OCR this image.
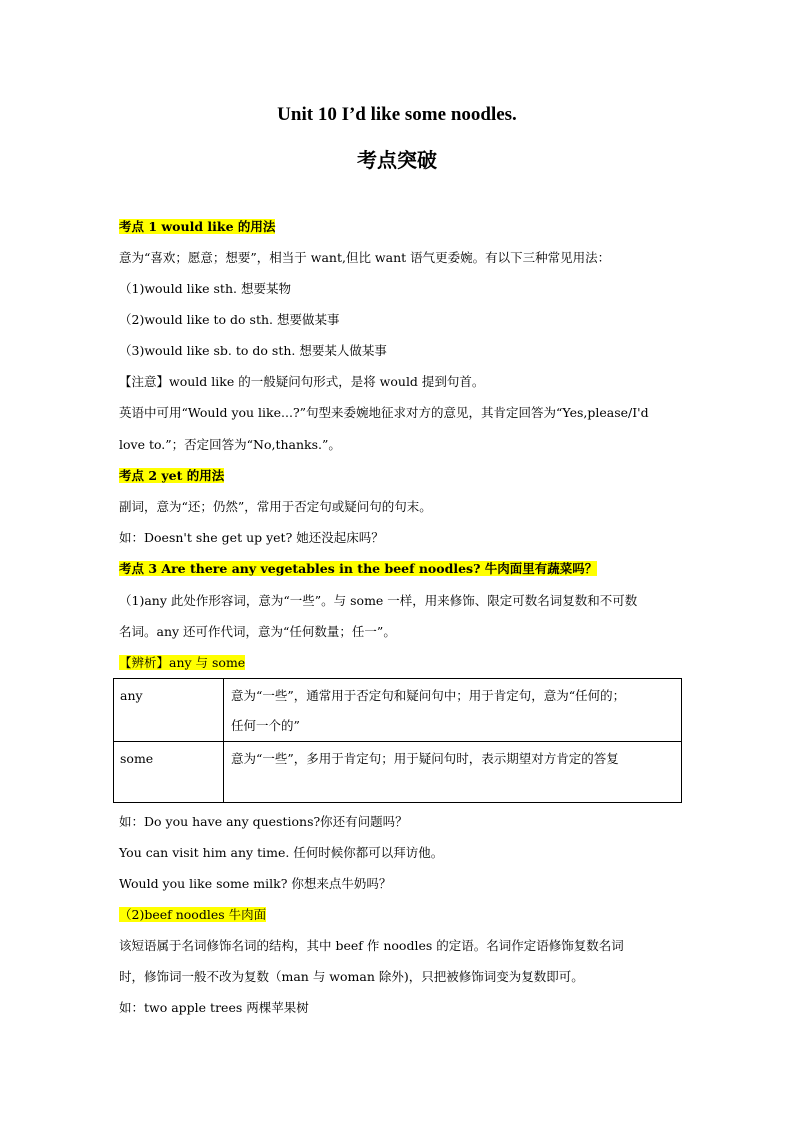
Unit 10 I’d like some noodles.
考点突破
考点 1 would like 的用法
意为“喜欢；愿意；想要”，相当于 want,但比 want 语气更委婉。有以下三种常见用法：
（1)would like sth. 想要某物
（2)would like to do sth. 想要做某事
（3)would like sb. to do sth. 想要某人做某事
【注意】would like 的一般疑问句形式，是将 would 提到句首。
英语中可用“Would you like...?”句型来委婉地征求对方的意见，其肯定回答为“Yes,please/I'd
love to.”；否定回答为“No,thanks.”。
考点 2 yet 的用法
副词，意为“还；仍然”，常用于否定句或疑问句的句末。
如：Doesn't she get up yet? 她还没起床吗？
考点 3 Are there any vegetables in the beef noodles? 牛肉面里有蔬菜吗？
（1)any 此处作形容词，意为“一些”。与 some 一样，用来修饰、限定可数名词复数和不可数
名词。any 还可作代词，意为“任何数量；任一”。
【辨析】any 与 some
any	意为“一些”，通常用于否定句和疑问句中；用于肯定句，意为“任何的；
任何一个的”
some	意为“一些”，多用于肯定句；用于疑问句时，表示期望对方肯定的答复
如：Do you have any questions?你还有问题吗？
You can visit him any time. 任何时候你都可以拜访他。
Would you like some milk? 你想来点牛奶吗？
（2)beef noodles 牛肉面
该短语属于名词修饰名词的结构，其中 beef 作 noodles 的定语。名词作定语修饰复数名词
时，修饰词一般不改为复数（man 与 woman 除外)，只把被修饰词变为复数即可。
如：two apple trees 两棵苹果树
